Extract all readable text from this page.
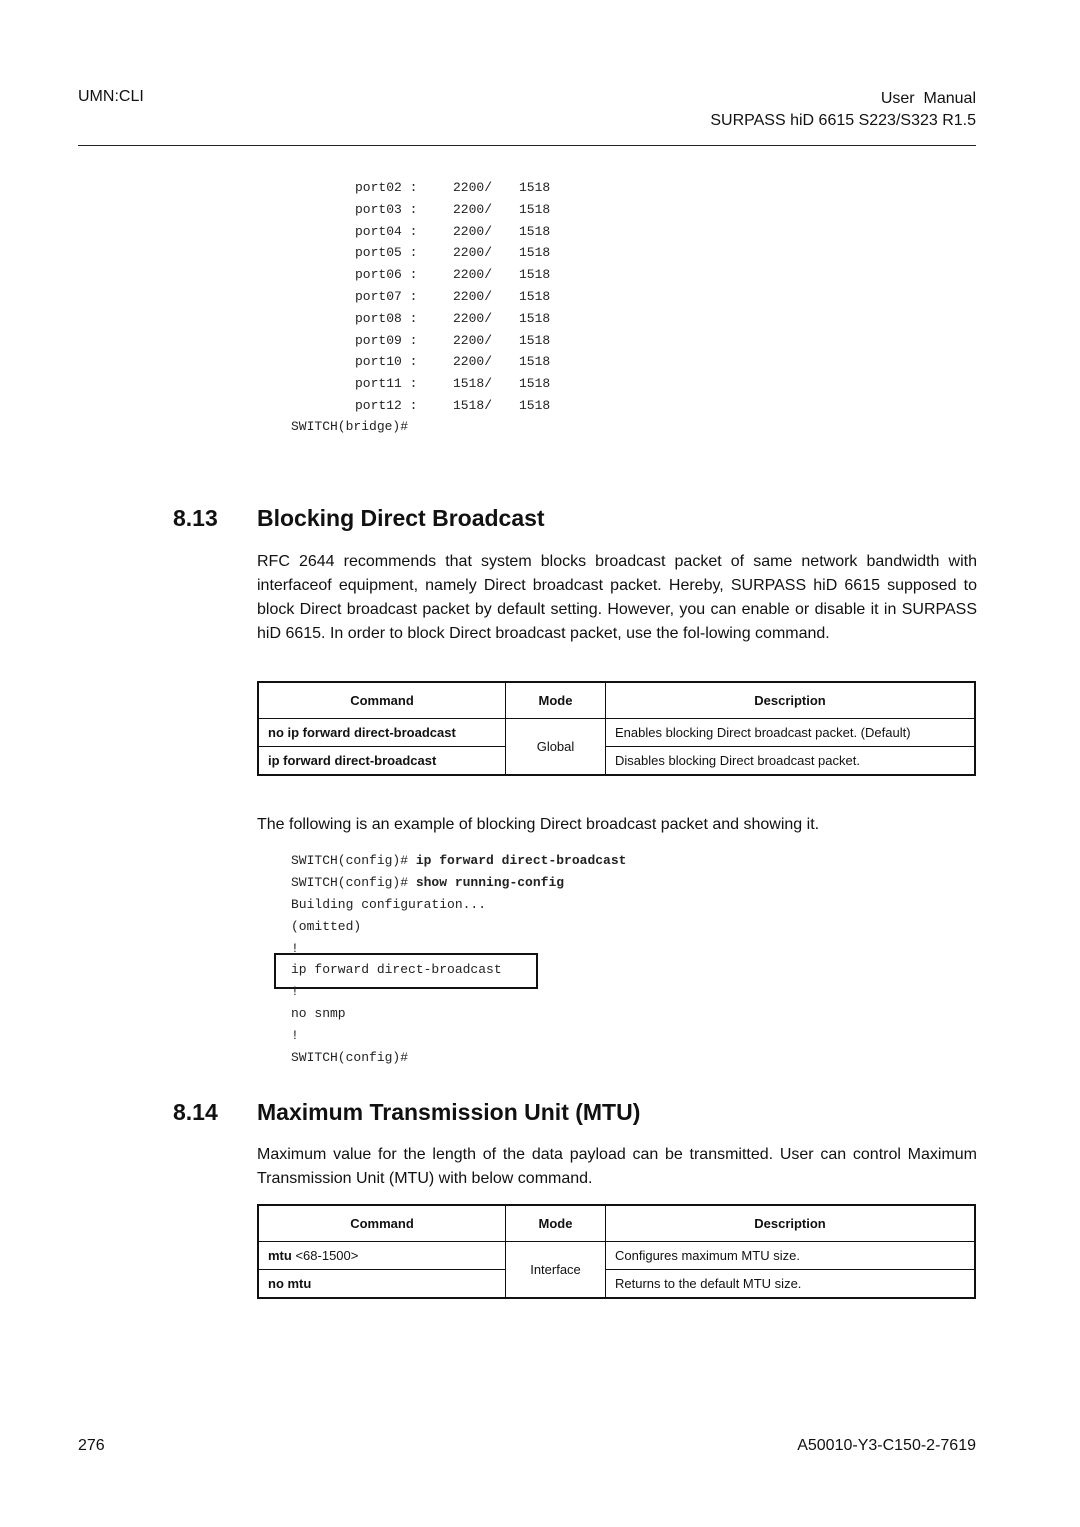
UMN:CLI	User  Manual
SURPASS hiD 6615 S223/S323 R1.5
port02 :	2200/ 1518
port03 :	2200/ 1518
port04 :	2200/ 1518
port05 :	2200/ 1518
port06 :	2200/ 1518
port07 :	2200/ 1518
port08 :	2200/ 1518
port09 :	2200/ 1518
port10 :	2200/ 1518
port11 :	1518/ 1518
port12 :	1518/ 1518
SWITCH(bridge)#
8.13 Blocking Direct Broadcast
RFC 2644 recommends that system blocks broadcast packet of same network bandwidth with interfaceof equipment, namely Direct broadcast packet. Hereby, SURPASS hiD 6615 supposed to block Direct broadcast packet by default setting. However, you can enable or disable it in SURPASS hiD 6615. In order to block Direct broadcast packet, use the fol-lowing command.
Command	Mode	Description
no ip forward direct-broadcast	Global	Enables blocking Direct broadcast packet. (Default)
ip forward direct-broadcast		Disables blocking Direct broadcast packet.
The following is an example of blocking Direct broadcast packet and showing it.
SWITCH(config)# ip forward direct-broadcast
SWITCH(config)# show running-config
Building configuration...
(omitted)
!
ip forward direct-broadcast
!
no snmp
!
SWITCH(config)#
8.14 Maximum Transmission Unit (MTU)
Maximum value for the length of the data payload can be transmitted. User can control Maximum Transmission Unit (MTU) with below command.
Command	Mode	Description
mtu <68-1500>	Interface	Configures maximum MTU size.
no mtu		Returns to the default MTU size.
276	A50010-Y3-C150-2-7619
